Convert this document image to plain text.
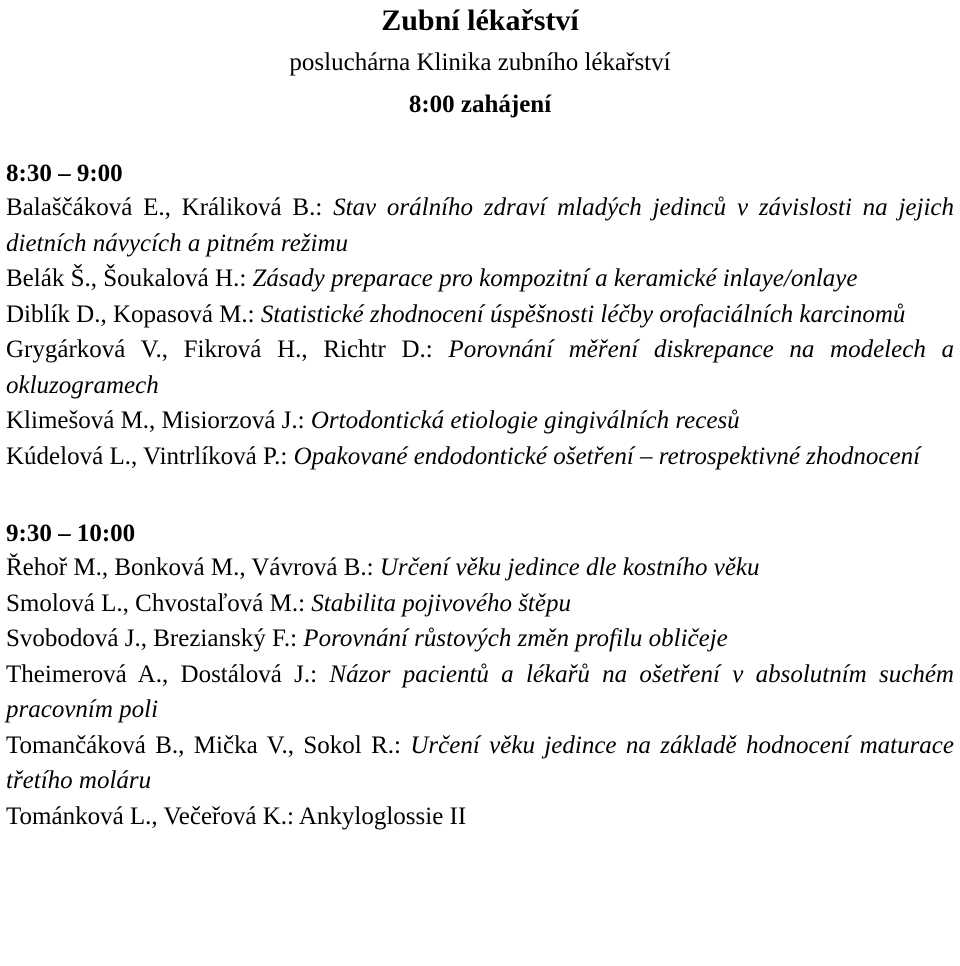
Zubní lékařství

posluchárna Klinika zubního lékařství

8:00 zahájení

8:30 – 9:00

Balaščáková E., Králiková B.: Stav orálního zdraví mladých jedinců v závislosti na jejich dietních návycích a pitném režimu

Belák Š., Šoukalová H.: Zásady preparace pro kompozitní a keramické inlaye/onlaye

Diblík D., Kopasová M.: Statistické zhodnocení úspěšnosti léčby orofaciálních karcinomů

Grygárková V., Fikrová H., Richtr D.: Porovnání měření diskrepance na modelech a okluzogramech

Klimešová M., Misiorzová J.: Ortodontická etiologie gingiválních recesů

Kúdelová L., Vintrlíková P.: Opakované endodontické ošetření – retrospektivné zhodnocení

9:30 – 10:00

Řehoř M., Bonková M., Vávrová B.: Určení věku jedince dle kostního věku

Smolová L., Chvostaľová M.: Stabilita pojivového štěpu

Svobodová J., Brezianský F.: Porovnání růstových změn profilu obličeje

Theimerová A., Dostálová J.: Názor pacientů a lékařů na ošetření v absolutním suchém pracovním poli

Tomančáková B., Mička V., Sokol R.: Určení věku jedince na základě hodnocení maturace třetího moláru

Tománková L., Večeřová K.: Ankyloglossie II
